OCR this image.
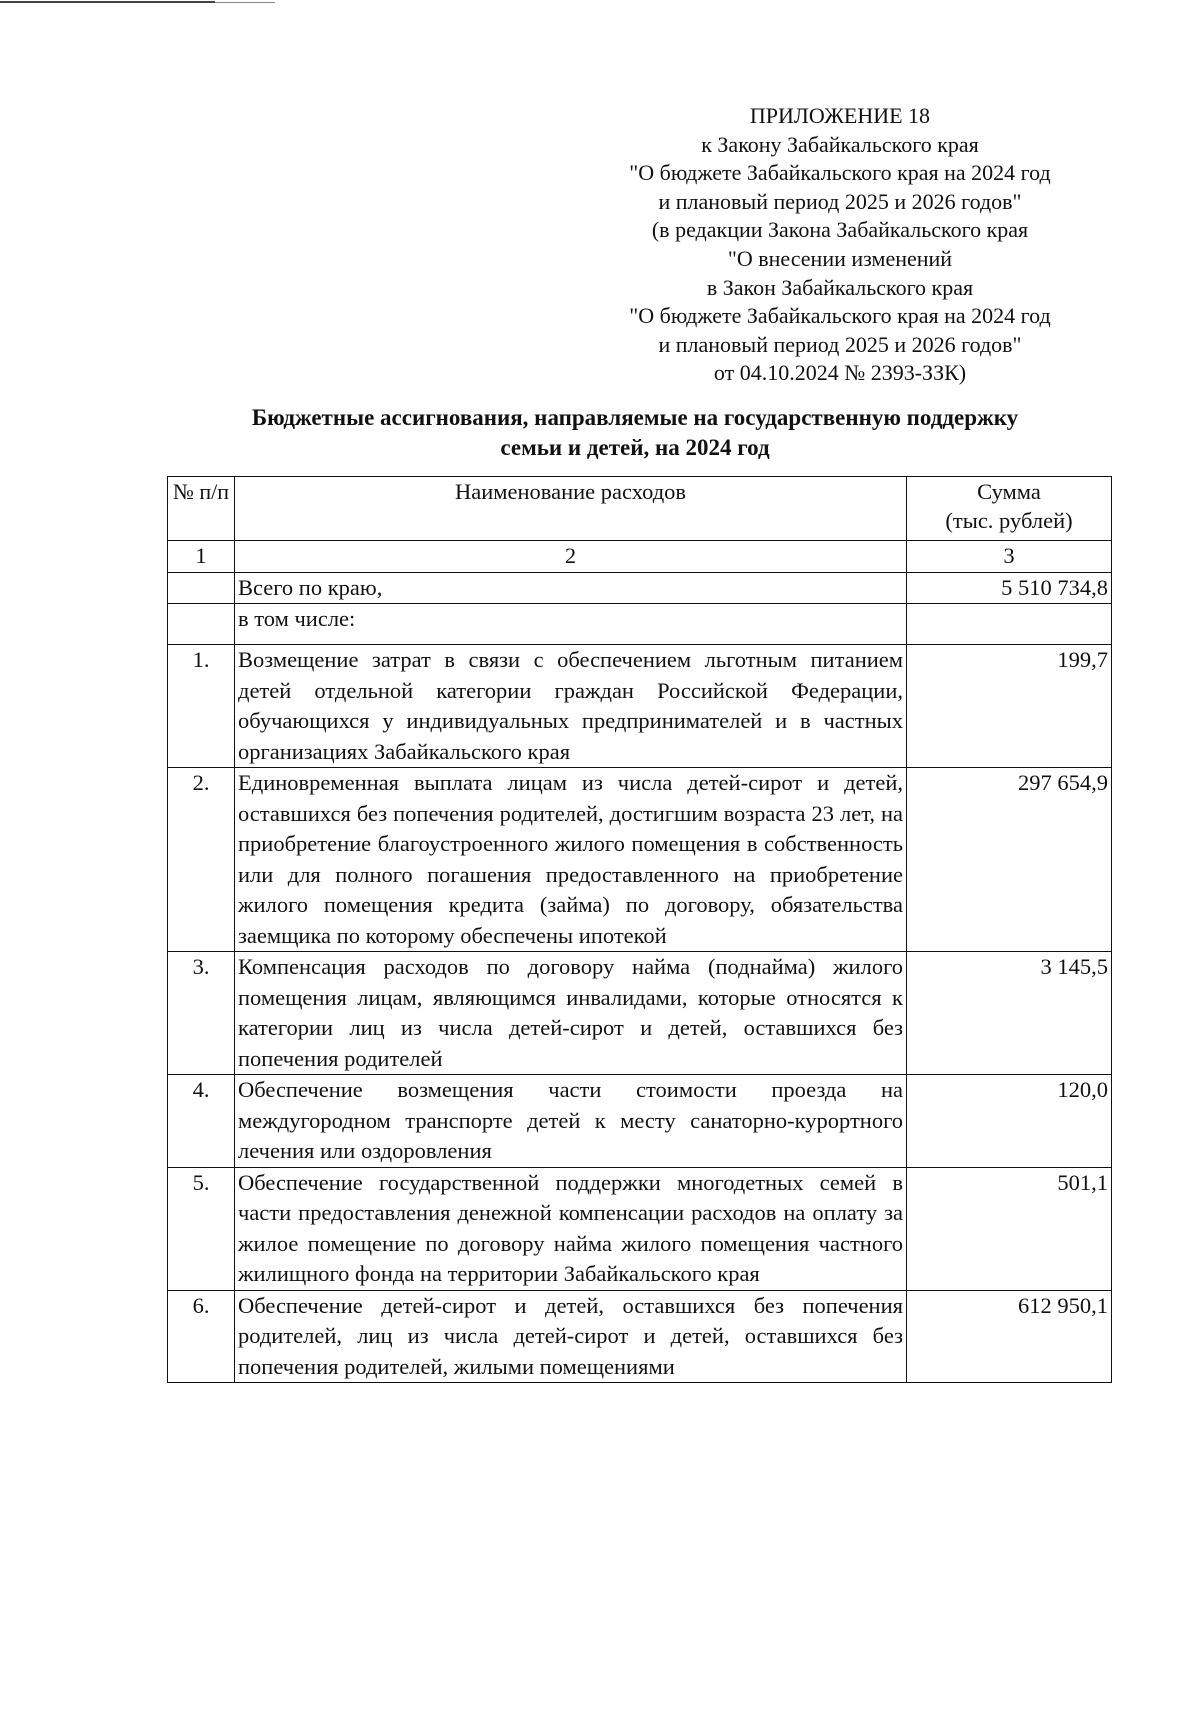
ПРИЛОЖЕНИЕ 18
к Закону Забайкальского края
"О бюджете Забайкальского края на 2024 год
и плановый период 2025 и 2026 годов"
(в редакции Закона Забайкальского края
"О внесении изменений
в Закон Забайкальского края
"О бюджете Забайкальского края на 2024 год
и плановый период 2025 и 2026 годов"
от 04.10.2024 № 2393-ЗЗК)
Бюджетные ассигнования, направляемые на государственную поддержку
семьи и детей, на 2024 год
№ п/п	Наименование расходов	Сумма
(тыс. рублей)

1	2	3
	Всего по краю,	5 510 734,8
	в том числе:	
1.	Возмещение затрат в связи с обеспечением льготным питанием детей отдельной категории граждан Российской Федерации, обучающихся у индивидуальных предпринимателей и в частных организациях Забайкальского края	199,7
2.	Единовременная выплата лицам из числа детей-сирот и детей, оставшихся без попечения родителей, достигшим возраста 23 лет, на приобретение благоустроенного жилого помещения в собственность или для полного погашения предоставленного на приобретение жилого помещения кредита (займа) по договору, обязательства заемщика по которому обеспечены ипотекой	297 654,9
3.	Компенсация расходов по договору найма (поднайма) жилого помещения лицам, являющимся инвалидами, которые относятся к категории лиц из числа детей-сирот и детей, оставшихся без попечения родителей	3 145,5
4.	Обеспечение возмещения части стоимости проезда на междугородном транспорте детей к месту санаторно-курортного лечения или оздоровления	120,0
5.	Обеспечение государственной поддержки многодетных семей в части предоставления денежной компенсации расходов на оплату за жилое помещение по договору найма жилого помещения частного жилищного фонда на территории Забайкальского края	501,1
6.	Обеспечение детей-сирот и детей, оставшихся без попечения родителей, лиц из числа детей-сирот и детей, оставшихся без попечения родителей, жилыми помещениями	612 950,1
